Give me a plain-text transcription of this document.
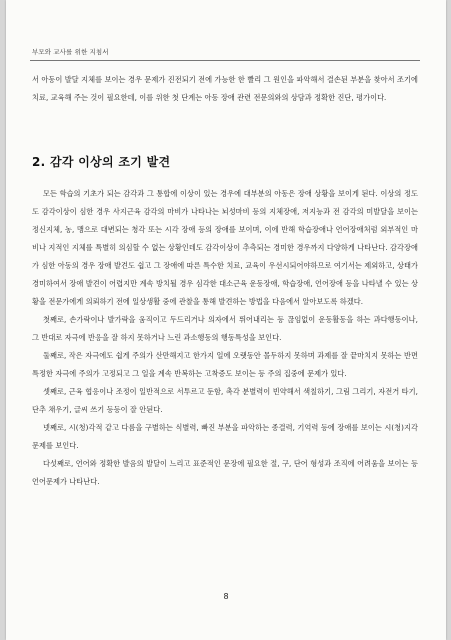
부모와 교사를 위한 지침서

서 아동이 발달 지체를 보이는 경우 문제가 진전되기 전에 가능한 한 빨리 그 원인을 파악해서 결손된 부분을 찾아서 조기에 치료, 교육해 주는 것이 필요한데, 이를 위한 첫 단계는 아동 장애 관련 전문의와의 상담과 정확한 진단, 평가이다.

2. 감각 이상의 조기 발견

모든 학습의 기초가 되는 감각과 그 통합에 이상이 있는 경우에 대부분의 아동은 장애 상황을 보이게 된다. 이상의 정도도 감각이상이 심한 경우 사지근육 감각의 마비가 나타나는 뇌성마비 등의 지체장애, 저지능과 전 감각의 미발달을 보이는 정신지체, 농, 맹으로 대변되는 청각 또는 시각 장애 등의 장애를 보이며, 이에 반해 학습장애나 언어장애처럼 외부적인 마비나 지적인 지체를 특별히 의심할 수 없는 상황인데도 감각이상이 추측되는 경미한 경우까지 다양하게 나타난다. 감각장애가 심한 아동의 경우 장애 발견도 쉽고 그 장애에 따른 특수한 치료, 교육이 우선시되어야하므로 여기서는 제외하고, 상태가 경미하여서 장애 발견이 어렵지만 계속 방치될 경우 심각한 대소근육 운동장애, 학습장애, 언어장애 등을 나타낼 수 있는 상황을 전문가에게 의뢰하기 전에 일상생활 중에 관찰을 통해 발견하는 방법을 다음에서 알아보도록 하겠다.

첫째로, 손가락이나 발가락을 움직이고 두드리거나 의자에서 뛰어내리는 등 끊임없이 운동활동을 하는 과다행동이나, 그 반대로 자극에 반응을 잘 하지 못하거나 느린 과소행동의 행동특성을 보인다.

둘째로, 작은 자극에도 쉽게 주의가 산만해지고 한가지 일에 오랫동안 몰두하지 못하며 과제를 잘 끝마치지 못하는 반면 특정한 자극에 주의가 고정되고 그 일을 계속 반복하는 고착증도 보이는 등 주의 집중에 문제가 있다.

셋째로, 근육 협응이나 조정이 일반적으로 서투르고 둔함, 촉각 분별력이 빈약해서 색칠하기, 그림 그리기, 자전거 타기, 단추 채우기, 글씨 쓰기 등등이 잘 안된다.

넷째로, 시(청)각적 같고 다름을 구별하는 식별력, 빠진 부분을 파악하는 종결력, 기억력 등에 장애를 보이는 시(청)지각 문제를 보인다.

다섯째로, 언어와 정확한 발음의 발달이 느리고 표준적인 문장에 필요한 절, 구, 단어 형성과 조직에 어려움을 보이는 등 언어문제가 나타난다.

8
